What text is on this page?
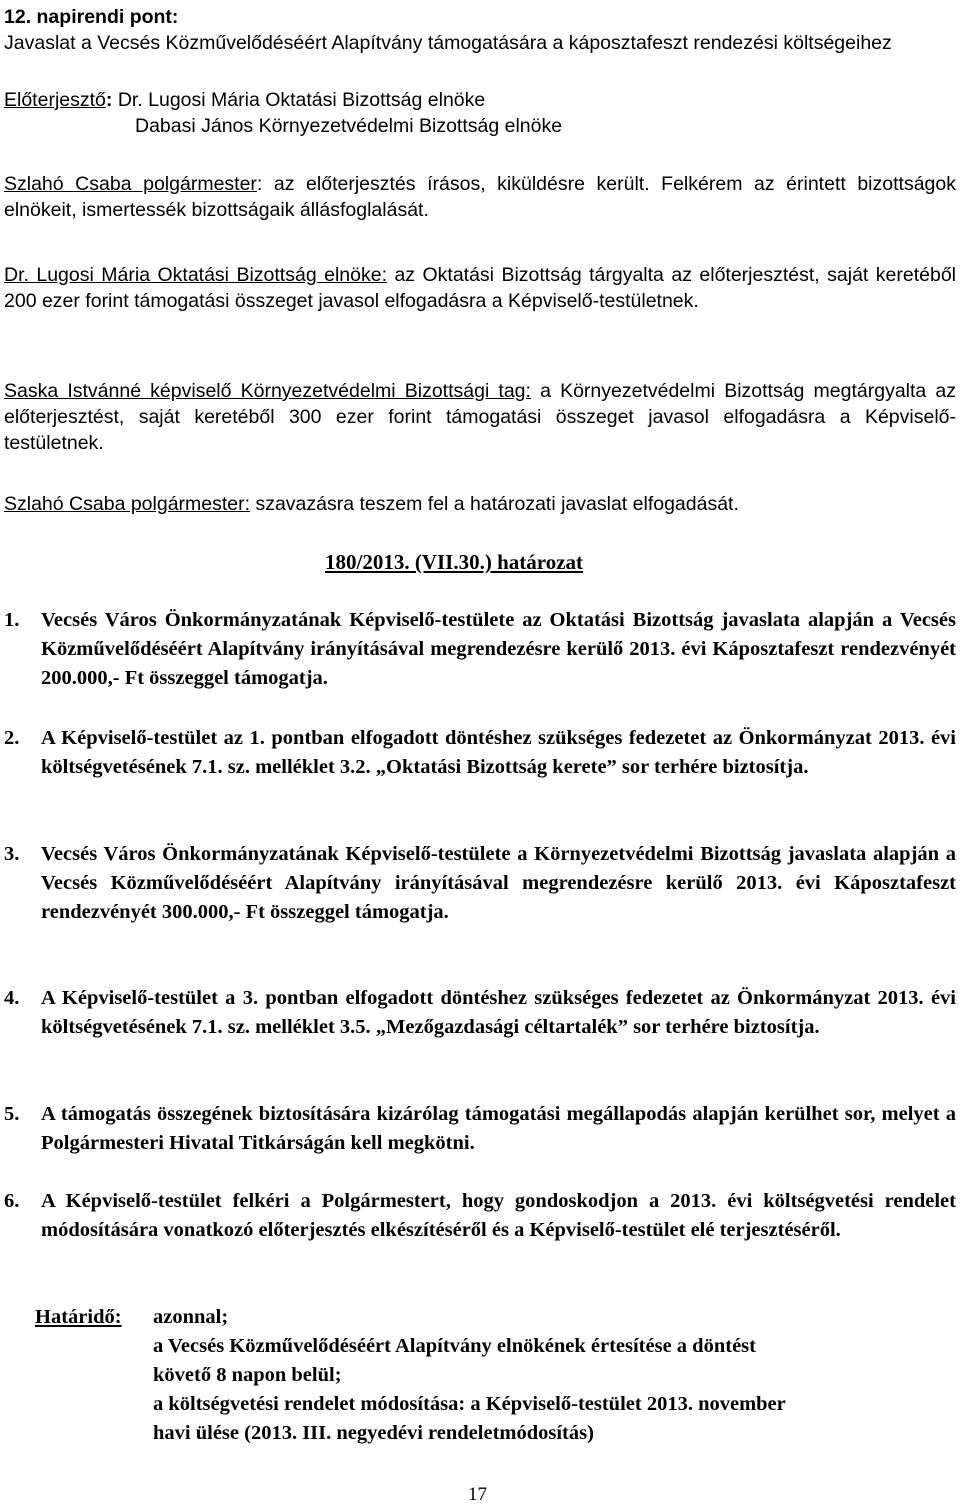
12. napirendi pont:
Javaslat a Vecsés Közművelődéséért Alapítvány támogatására a káposztafeszt rendezési költségeihez
Előterjesztő: Dr. Lugosi Mária Oktatási Bizottság elnöke
Dabasi János Környezetvédelmi Bizottság elnöke
Szlahó Csaba polgármester: az előterjesztés írásos, kiküldésre került. Felkérem az érintett bizottságok elnökeit, ismertessék bizottságaik állásfoglalását.
Dr. Lugosi Mária Oktatási Bizottság elnöke: az Oktatási Bizottság tárgyalta az előterjesztést, saját keretéből 200 ezer forint támogatási összeget javasol elfogadásra a Képviselő-testületnek.
Saska Istvánné képviselő Környezetvédelmi Bizottsági tag: a Környezetvédelmi Bizottság megtárgyalta az előterjesztést, saját keretéből 300 ezer forint támogatási összeget javasol elfogadásra a Képviselő-testületnek.
Szlahó Csaba polgármester: szavazásra teszem fel a határozati javaslat elfogadását.
180/2013. (VII.30.) határozat
1. Vecsés Város Önkormányzatának Képviselő-testülete az Oktatási Bizottság javaslata alapján a Vecsés Közművelődéséért Alapítvány irányításával megrendezésre kerülő 2013. évi Káposztafeszt rendezvényét 200.000,- Ft összeggel támogatja.
2. A Képviselő-testület az 1. pontban elfogadott döntéshez szükséges fedezetet az Önkormányzat 2013. évi költségvetésének 7.1. sz. melléklet 3.2. „Oktatási Bizottság kerete” sor terhére biztosítja.
3. Vecsés Város Önkormányzatának Képviselő-testülete a Környezetvédelmi Bizottság javaslata alapján a Vecsés Közművelődéséért Alapítvány irányításával megrendezésre kerülő 2013. évi Káposztafeszt rendezvényét 300.000,- Ft összeggel támogatja.
4. A Képviselő-testület a 3. pontban elfogadott döntéshez szükséges fedezetet az Önkormányzat 2013. évi költségvetésének 7.1. sz. melléklet 3.5. „Mezőgazdasági céltartalék” sor terhére biztosítja.
5. A támogatás összegének biztosítására kizárólag támogatási megállapodás alapján kerülhet sor, melyet a Polgármesteri Hivatal Titkárságán kell megkötni.
6. A Képviselő-testület felkéri a Polgármestert, hogy gondoskodjon a 2013. évi költségvetési rendelet módosítására vonatkozó előterjesztés elkészítéséről és a Képviselő-testület elé terjesztéséről.
Határidő: azonnal;
a Vecsés Közművelődéséért Alapítvány elnökének értesítése a döntést
követő 8 napon belül;
a költségvetési rendelet módosítása: a Képviselő-testület 2013. november
havi ülése (2013. III. negyedévi rendeletmódosítás)
17
